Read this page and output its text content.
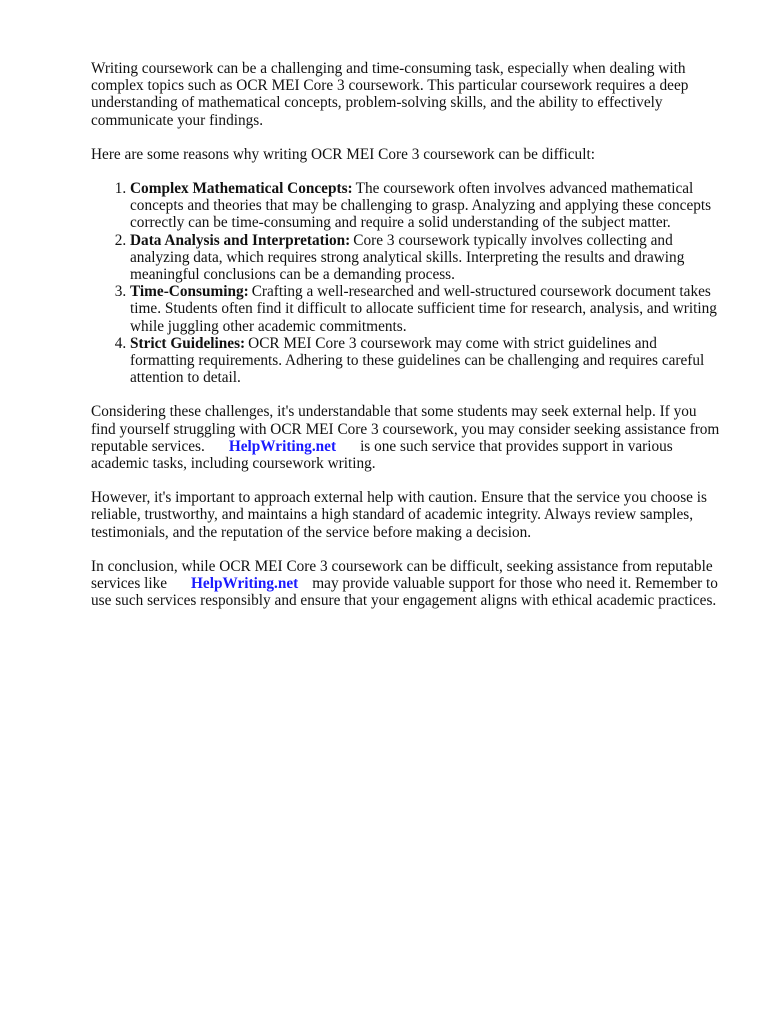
Writing coursework can be a challenging and time-consuming task, especially when dealing with complex topics such as OCR MEI Core 3 coursework. This particular coursework requires a deep understanding of mathematical concepts, problem-solving skills, and the ability to effectively communicate your findings.

Here are some reasons why writing OCR MEI Core 3 coursework can be difficult:

1. Complex Mathematical Concepts: The coursework often involves advanced mathematical concepts and theories that may be challenging to grasp. Analyzing and applying these concepts correctly can be time-consuming and require a solid understanding of the subject matter.
2. Data Analysis and Interpretation: Core 3 coursework typically involves collecting and analyzing data, which requires strong analytical skills. Interpreting the results and drawing meaningful conclusions can be a demanding process.
3. Time-Consuming: Crafting a well-researched and well-structured coursework document takes time. Students often find it difficult to allocate sufficient time for research, analysis, and writing while juggling other academic commitments.
4. Strict Guidelines: OCR MEI Core 3 coursework may come with strict guidelines and formatting requirements. Adhering to these guidelines can be challenging and requires careful attention to detail.

Considering these challenges, it's understandable that some students may seek external help. If you find yourself struggling with OCR MEI Core 3 coursework, you may consider seeking assistance from reputable services. HelpWriting.net is one such service that provides support in various academic tasks, including coursework writing.

However, it's important to approach external help with caution. Ensure that the service you choose is reliable, trustworthy, and maintains a high standard of academic integrity. Always review samples, testimonials, and the reputation of the service before making a decision.

In conclusion, while OCR MEI Core 3 coursework can be difficult, seeking assistance from reputable services like HelpWriting.net may provide valuable support for those who need it. Remember to use such services responsibly and ensure that your engagement aligns with ethical academic practices.
